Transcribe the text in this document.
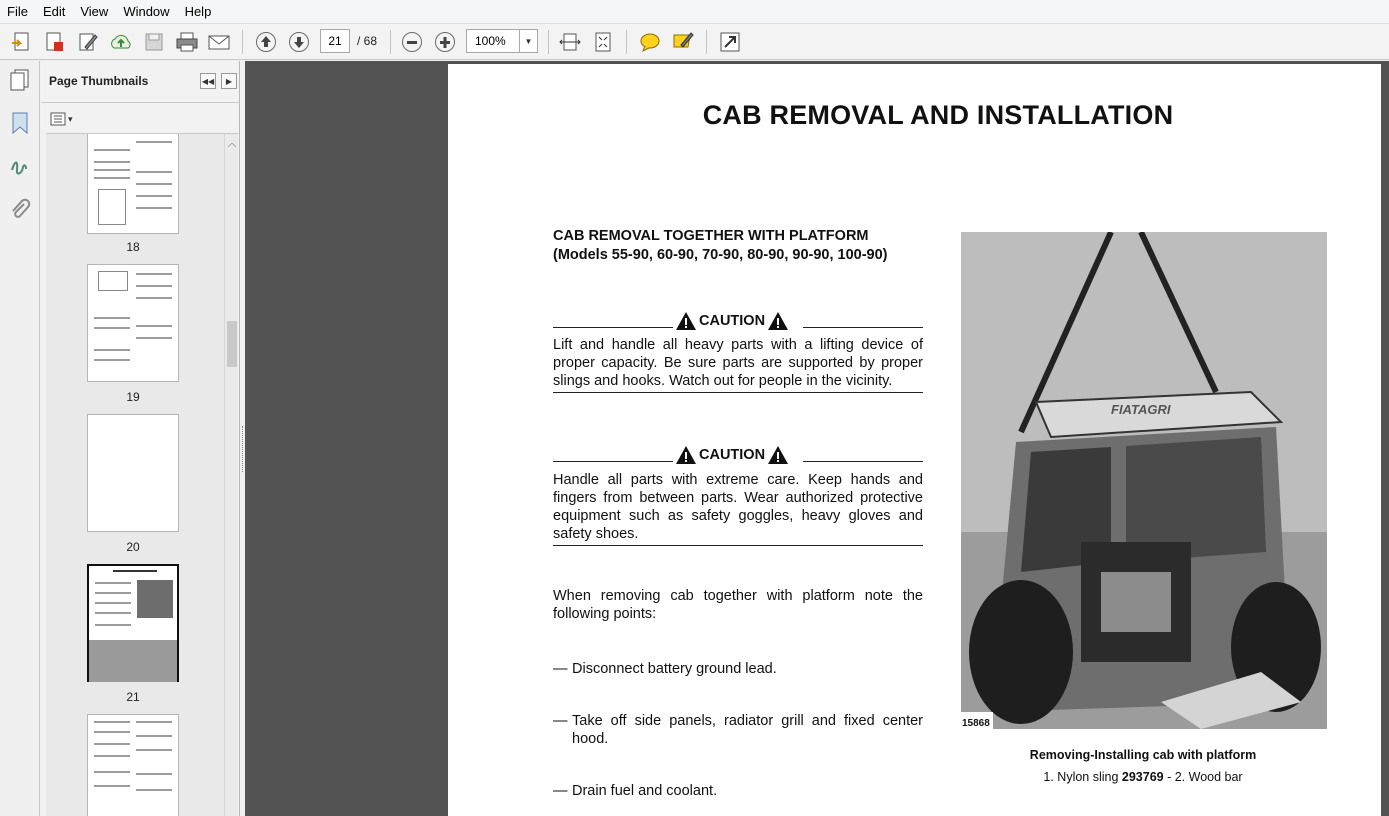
File	Edit	View	Window	Help
21	/ 68	100%	▼
Page Thumbnails	◀◀	▶
▾
18
19
20
21
︿
CAB REMOVAL AND INSTALLATION
CAB REMOVAL TOGETHER WITH PLATFORM
(Models 55-90, 60-90, 70-90, 80-90, 90-90, 100-90)
CAUTION
Lift and handle all heavy parts with a lifting device of proper capacity. Be sure parts are supported by proper slings and hooks. Watch out for people in the vicinity.
CAUTION
Handle all parts with extreme care. Keep hands and fingers from between parts. Wear authorized protective equipment such as safety goggles, heavy gloves and safety shoes.
When removing cab together with platform note the following points:
— Disconnect battery ground lead.
— Take off side panels, radiator grill and fixed center hood.
— Drain fuel and coolant.
FIATAGRI
15868
Removing-Installing cab with platform
1. Nylon sling 293769 - 2. Wood bar
